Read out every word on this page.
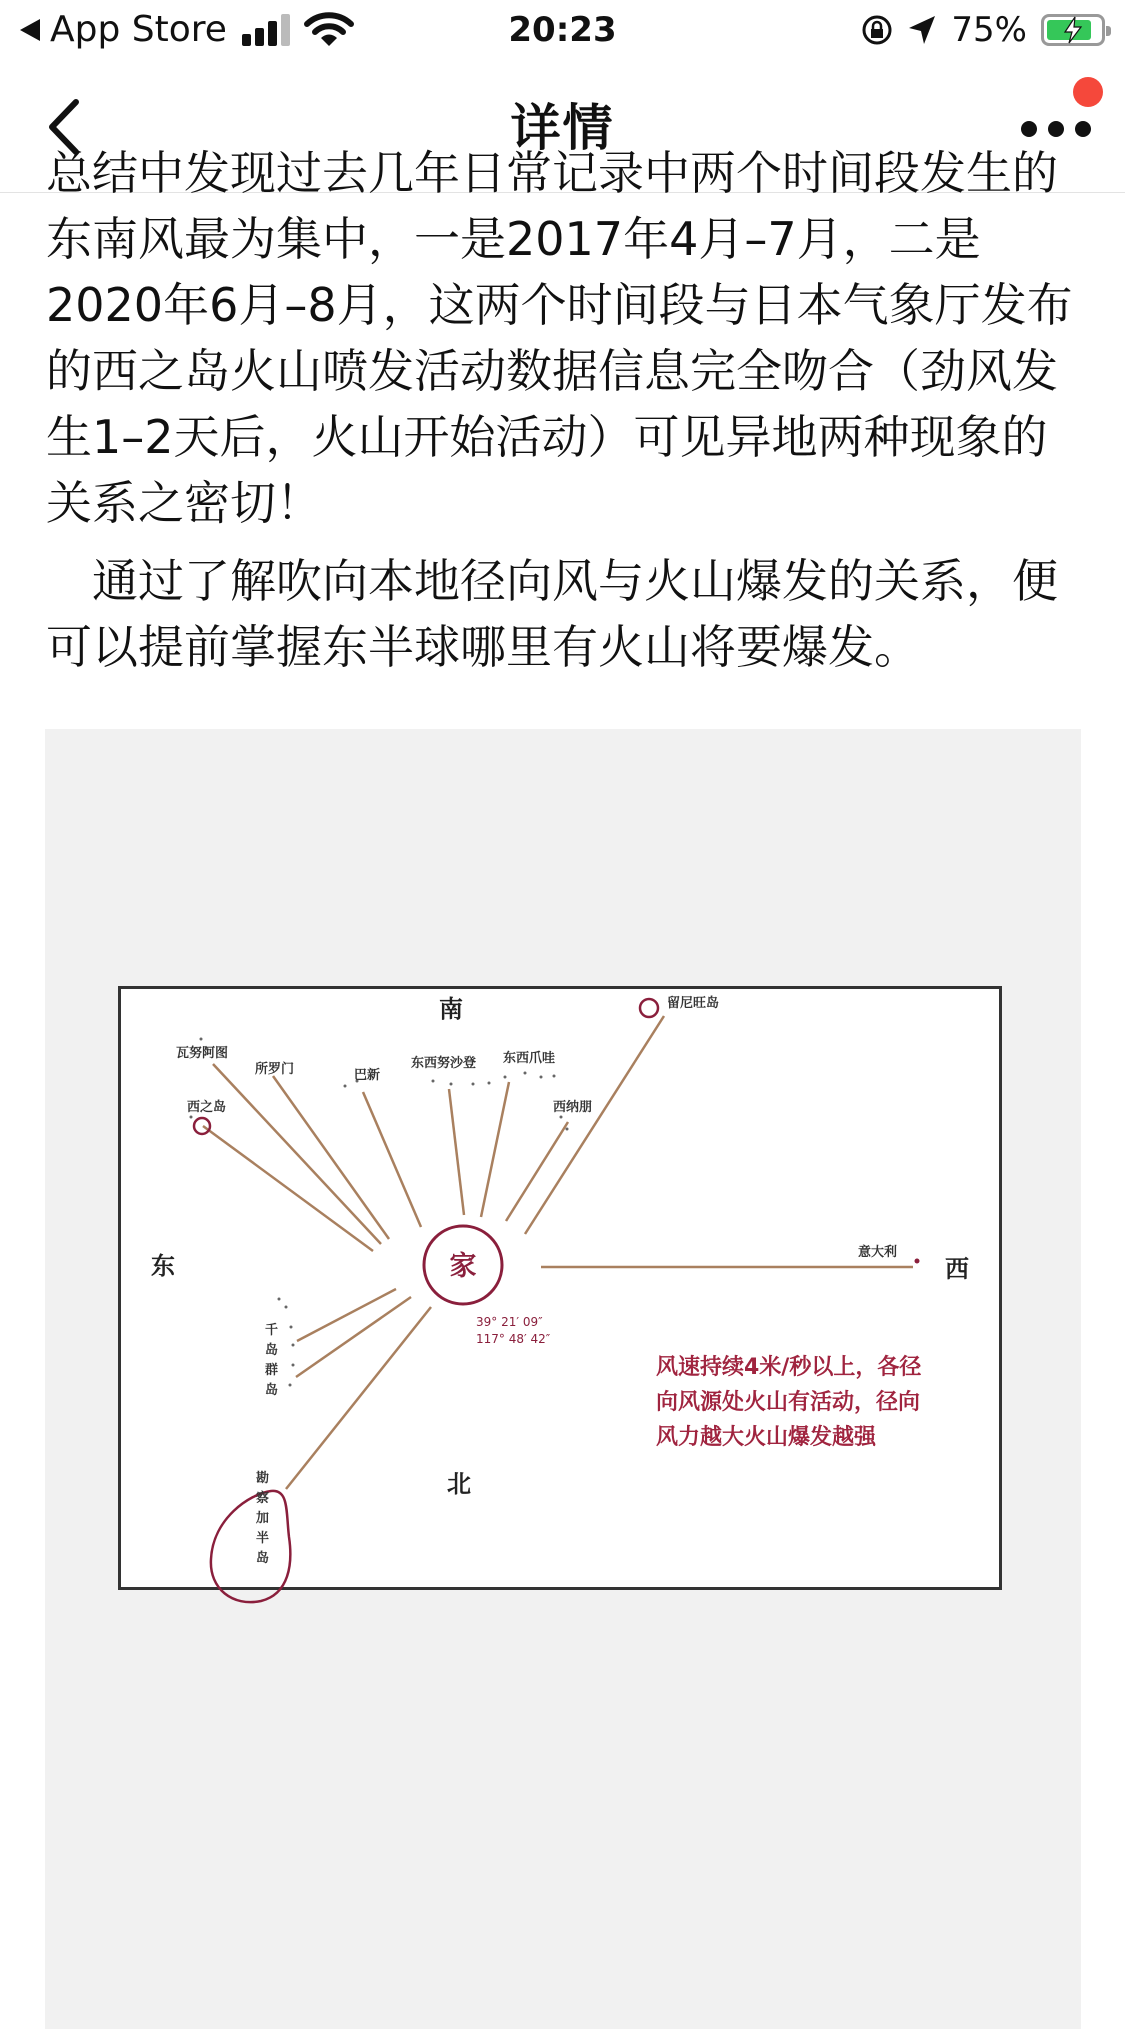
App Store	20:23	75%
详情

总结中发现过去几年日常记录中两个时间段发生的东南风最为集中，一是2017年4月–7月，二是2020年6月–8月，这两个时间段与日本气象厅发布的西之岛火山喷发活动数据信息完全吻合（劲风发生1–2天后，火山开始活动）可见异地两种现象的关系之密切！

通过了解吹向本地径向风与火山爆发的关系，便可以提前掌握东半球哪里有火山将要爆发。

家
39° 21′ 09″
117° 48′ 42″
南
东	西
北
瓦努阿图
所罗门
西之岛
巴新
东西努沙登 东西爪哇
西纳朋
留尼旺岛
意大利
千
岛
群
岛
勘
察
加
半
岛
风速持续4米/秒以上，各径
向风源处火山有活动，径向
风力越大火山爆发越强
